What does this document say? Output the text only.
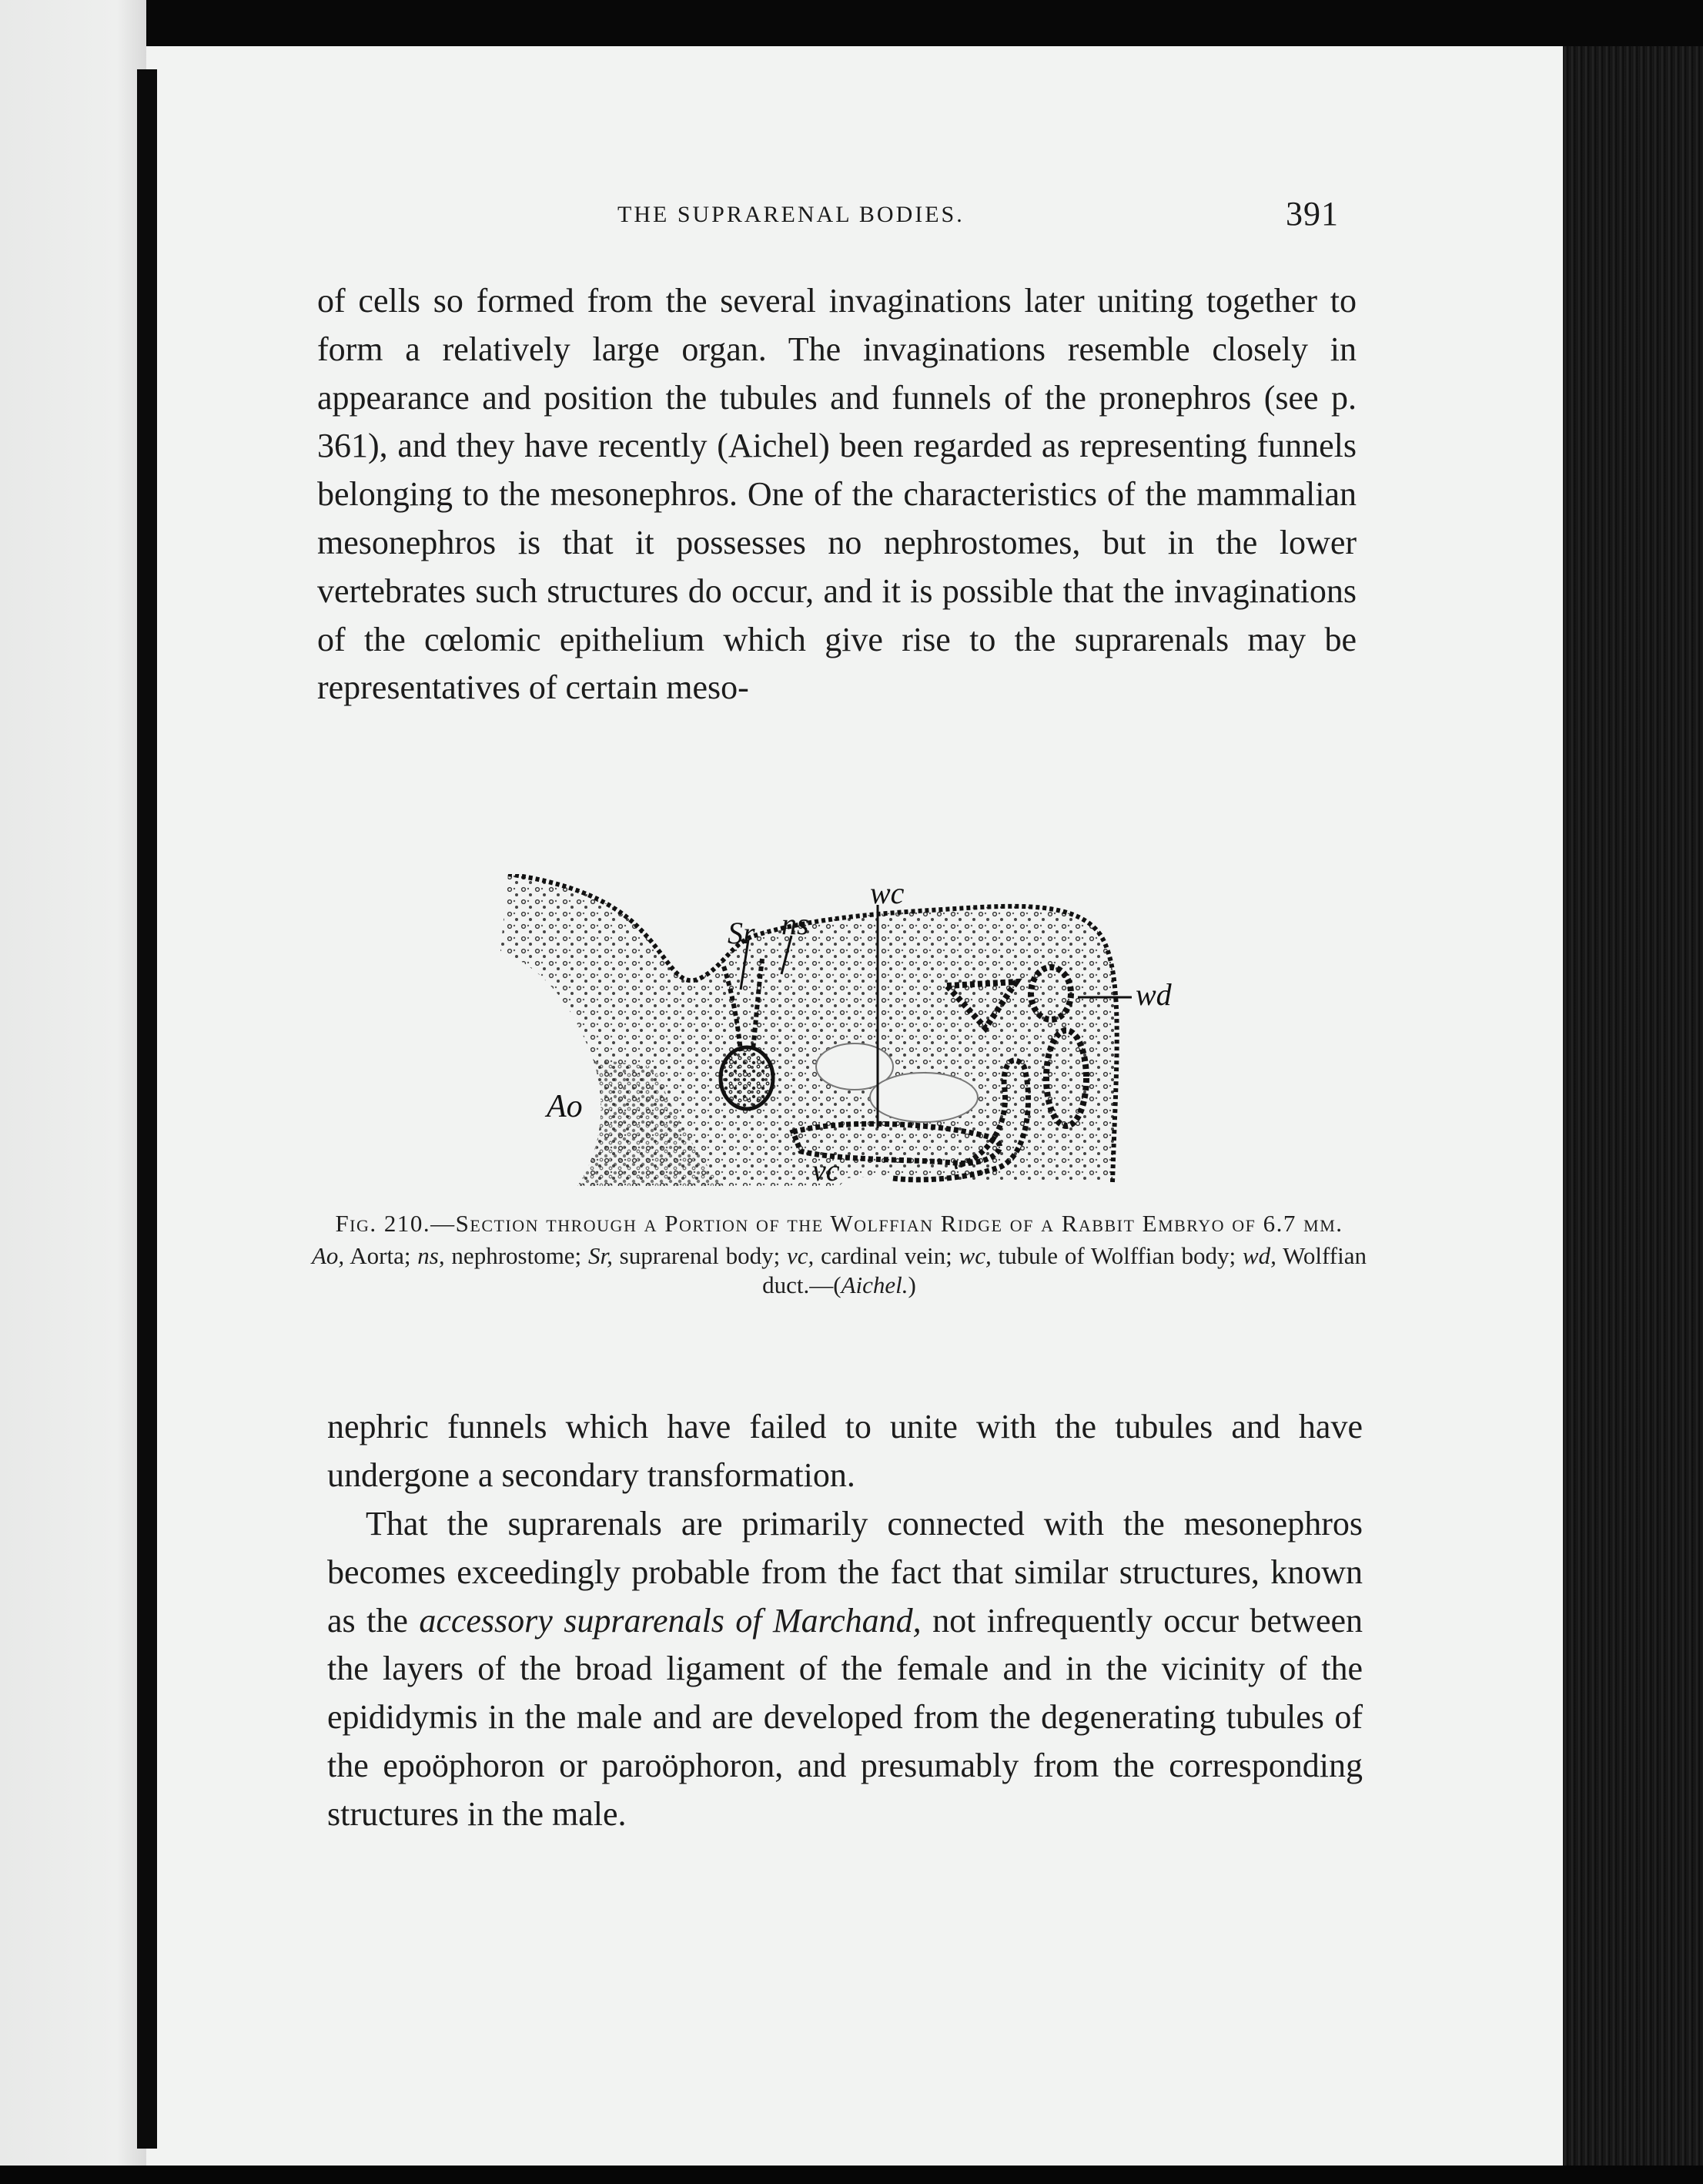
THE SUPRARENAL BODIES.	391

of cells so formed from the several invaginations later uniting together to form a relatively large organ. The invaginations resemble closely in appearance and position the tubules and funnels of the pronephros (see p. 361), and they have recently (Aichel) been regarded as representing funnels belonging to the mesonephros. One of the characteristics of the mammalian mesonephros is that it possesses no nephrostomes, but in the lower vertebrates such structures do occur, and it is possible that the invaginations of the cœlomic epithelium which give rise to the suprarenals may be representatives of certain meso-

Sr ns
wc
wd
Ao
vc
Fig. 210.—Section through a Portion of the Wolffian Ridge of a Rabbit Embryo of 6.7 mm.
Ao, Aorta; ns, nephrostome; Sr, suprarenal body; vc, cardinal vein; wc, tubule of Wolffian body; wd, Wolffian duct.—(Aichel.)

nephric funnels which have failed to unite with the tubules and have undergone a secondary transformation.

That the suprarenals are primarily connected with the mesonephros becomes exceedingly probable from the fact that similar structures, known as the accessory suprarenals of Marchand, not infrequently occur between the layers of the broad ligament of the female and in the vicinity of the epididymis in the male and are developed from the degenerating tubules of the epoöphoron or paroöphoron, and presumably from the corresponding structures in the male.
